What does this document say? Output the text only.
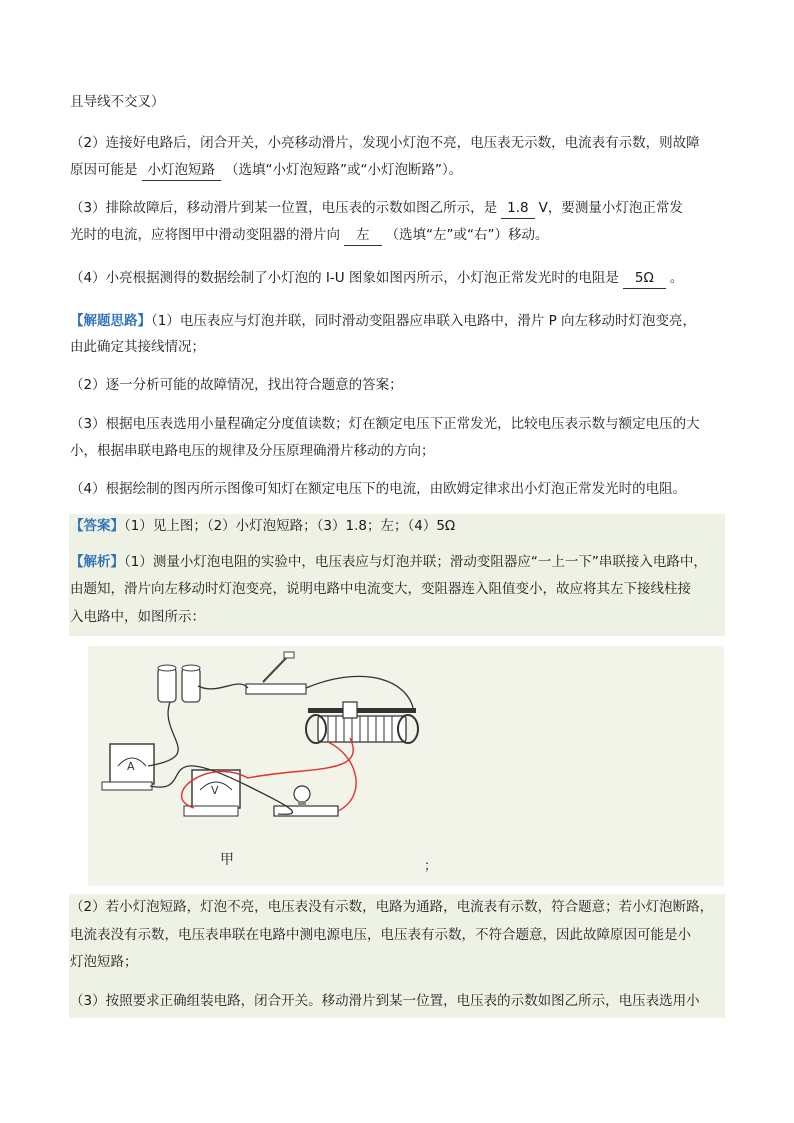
且导线不交叉）
（2）连接好电路后，闭合开关，小亮移动滑片，发现小灯泡不亮，电压表无示数，电流表有示数，则故障
原因可能是 小灯泡短路 （选填“小灯泡短路”或“小灯泡断路”）。
（3）排除故障后，移动滑片到某一位置，电压表的示数如图乙所示，是 1.8 V，要测量小灯泡正常发
光时的电流，应将图甲中滑动变阻器的滑片向 左 （选填“左”或“右”）移动。
（4）小亮根据测得的数据绘制了小灯泡的 I-U 图象如图丙所示，小灯泡正常发光时的电阻是 5Ω 。
【解题思路】（1）电压表应与灯泡并联，同时滑动变阻器应串联入电路中，滑片 P 向左移动时灯泡变亮，
由此确定其接线情况；
（2）逐一分析可能的故障情况，找出符合题意的答案；
（3）根据电压表选用小量程确定分度值读数；灯在额定电压下正常发光，比较电压表示数与额定电压的大
小，根据串联电路电压的规律及分压原理确滑片移动的方向；
（4）根据绘制的图丙所示图像可知灯在额定电压下的电流，由欧姆定律求出小灯泡正常发光时的电阻。
【答案】（1）见上图；（2）小灯泡短路；（3）1.8；左；（4）5Ω
【解析】（1）测量小灯泡电阻的实验中，电压表应与灯泡并联；滑动变阻器应“一上一下”串联接入电路中，
由题知，滑片向左移动时灯泡变亮，说明电路中电流变大，变阻器连入阻值变小，故应将其左下接线柱接
入电路中，如图所示：
A
V
甲	；
（2）若小灯泡短路，灯泡不亮，电压表没有示数，电路为通路，电流表有示数，符合题意；若小灯泡断路，
电流表没有示数，电压表串联在电路中测电源电压，电压表有示数，不符合题意，因此故障原因可能是小
灯泡短路；
（3）按照要求正确组装电路，闭合开关。移动滑片到某一位置，电压表的示数如图乙所示，电压表选用小
